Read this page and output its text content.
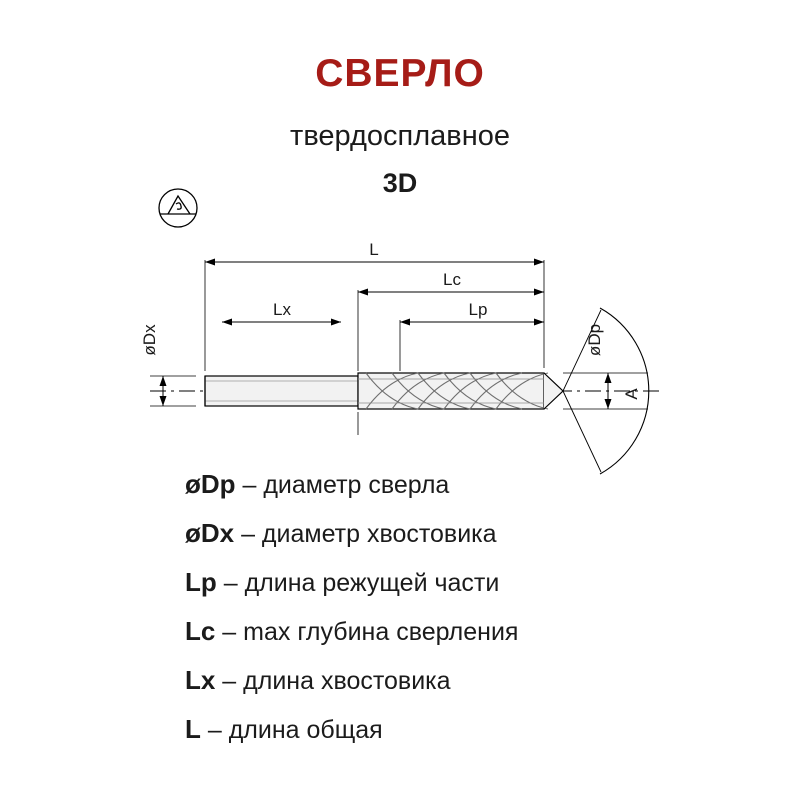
СВЕРЛО
твердосплавное
3D
L
Lc
Lx	Lp
øDx	øDp
A
øDp – диаметр сверла
øDx – диаметр хвостовика
Lp – длина режущей части
Lc – max глубина сверления
Lx – длина хвостовика
L – длина общая
